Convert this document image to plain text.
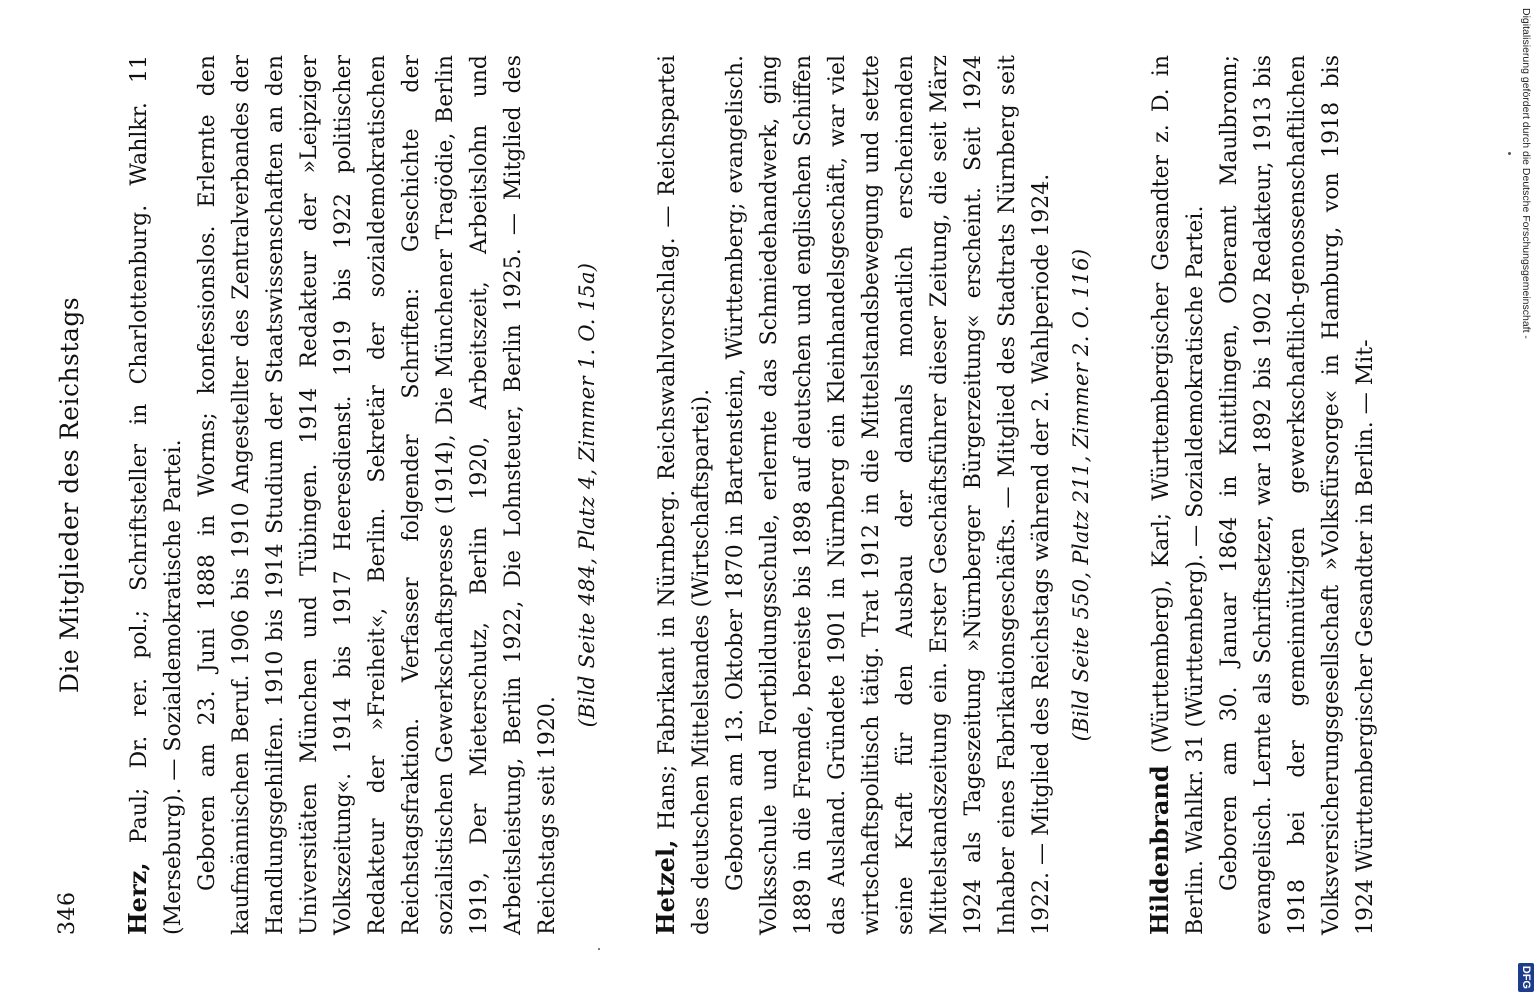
346
Die Mitglieder des Reichstags

Herz, Paul; Dr. rer. pol.; Schriftsteller in Charlottenburg. Wahlkr. 11 (Merseburg). — Sozialdemokratische Partei. Geboren am 23. Juni 1888 in Worms; konfessionslos. Erlernte den kaufmännischen Beruf. 1906 bis 1910 Angestellter des Zentralverbandes der Handlungsgehilfen. 1910 bis 1914 Studium der Staatswissenschaften an den Universitäten München und Tübingen. 1914 Redakteur der »Leipziger Volkszeitung«. 1914 bis 1917 Heeresdienst. 1919 bis 1922 politischer Redakteur der »Freiheit«, Berlin. Sekretär der sozialdemokratischen Reichstagsfraktion. Verfasser folgender Schriften: Geschichte der sozialistischen Gewerkschaftspresse (1914), Die Münchener Tragödie, Berlin 1919, Der Mieterschutz, Berlin 1920, Arbeitszeit, Arbeitslohn und Arbeitsleistung, Berlin 1922, Die Lohnsteuer, Berlin 1925. — Mitglied des Reichstags seit 1920.

(Bild Seite 484, Platz 4, Zimmer 1. O. 15a)

Hetzel, Hans; Fabrikant in Nürnberg. Reichswahlvorschlag. — Reichspartei des deutschen Mittelstandes (Wirtschaftspartei). Geboren am 13. Oktober 1870 in Bartenstein, Württemberg; evangelisch. Volksschule und Fortbildungsschule, erlernte das Schmiedehandwerk, ging 1889 in die Fremde, bereiste bis 1898 auf deutschen und englischen Schiffen das Ausland. Gründete 1901 in Nürnberg ein Kleinhandelsgeschäft, war viel wirtschaftspolitisch tätig. Trat 1912 in die Mittelstandsbewegung und setzte seine Kraft für den Ausbau der damals monatlich erscheinenden Mittelstandszeitung ein. Erster Geschäftsführer dieser Zeitung, die seit März 1924 als Tageszeitung »Nürnberger Bürgerzeitung« erscheint. Seit 1924 Inhaber eines Fabrikationsgeschäfts. — Mitglied des Stadtrats Nürnberg seit 1922. — Mitglied des Reichstags während der 2. Wahlperiode 1924. (Bild Seite 550, Platz 211, Zimmer 2. O. 116)

Hildenbrand (Württemberg), Karl; Württembergischer Gesandter z. D. in Berlin. Wahlkr. 31 (Württemberg). — Sozialdemokratische Partei. Geboren am 30. Januar 1864 in Knittlingen, Oberamt Maulbronn; evangelisch. Lernte als Schriftsetzer, war 1892 bis 1902 Redakteur, 1913 bis 1918 bei der gemeinnützigen gewerkschaftlich-genossenschaftlichen Volksversicherungsgesellschaft »Volksfürsorge« in Hamburg, von 1918 bis 1924 Württembergischer Gesandter in Berlin. — Mit-

Digitalisierung gefördert durch die Deutsche Forschungsgemeinschaft -
DFG
